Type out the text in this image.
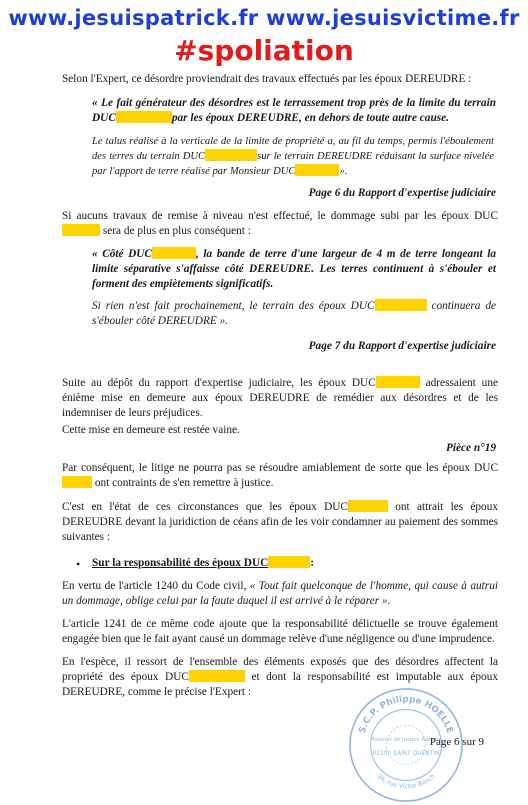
www.jesuispatrick.fr www.jesuisvictime.fr
#spoliation

Selon l'Expert, ce désordre proviendrait des travaux effectués par les époux DEREUDRE :

« Le fait générateur des désordres est le terrassement trop près de la limite du terrain DUC	par les époux DEREUDRE, en dehors de toute autre cause.

Le talus réalisé à la verticale de la limite de propriété a, au fil du temps, permis l'éboulement des terres du terrain DUC	sur le terrain DEREUDRE réduisant la surface nivelée par l'apport de terre réalisé par Monsieur DUC	».

Page 6 du Rapport d'expertise judiciaire

Si aucuns travaux de remise à niveau n'est effectué, le dommage subi par les époux DUC sera de plus en plus conséquent :

« Côté DUC	, la bande de terre d'une largeur de 4 m de terre longeant la limite séparative s'affaisse côté DEREUDRE. Les terres continuent à s'ébouler et forment des empiètements significatifs.

Si rien n'est fait prochainement, le terrain des époux DUC	continuera de s'ébouler côté DEREUDRE ».

Page 7 du Rapport d'expertise judiciaire

Suite au dépôt du rapport d'expertise judiciaire, les époux DUC	adressaient une énième mise en demeure aux époux DEREUDRE de remédier aux désordres et de les indemniser de leurs préjudices.

Cette mise en demeure est restée vaine.

Pièce n°19

Par conséquent, le litige ne pourra pas se résoudre amiablement de sorte que les époux DUC ont contraints de s'en remettre à justice.

C'est en l'état de ces circonstances que les époux DUC	ont attrait les époux DEREUDRE devant la juridiction de céans afin de les voir condamner au paiement des sommes suivantes :

• Sur la responsabilité des époux DUC	:

En vertu de l'article 1240 du Code civil, « Tout fait quelconque de l'homme, qui cause à autrui un dommage, oblige celui par la faute duquel il est arrivé à le réparer ».

L'article 1241 de ce même code ajoute que la responsabilité délictuelle se trouve également engagée bien que le fait ayant causé un dommage relève d'une négligence ou d'une imprudence.

En l'espèce, il ressort de l'ensemble des éléments exposés que des désordres affectent la propriété des époux DUC	et dont la responsabilité est imputable aux époux DEREUDRE, comme le précise l'Expert :

S.C.P. Philippe HOELLE
34, rue Victor Basch
Huissier de Justice Associé
02100 SAINT QUENTIN
Page 6 sur 9
